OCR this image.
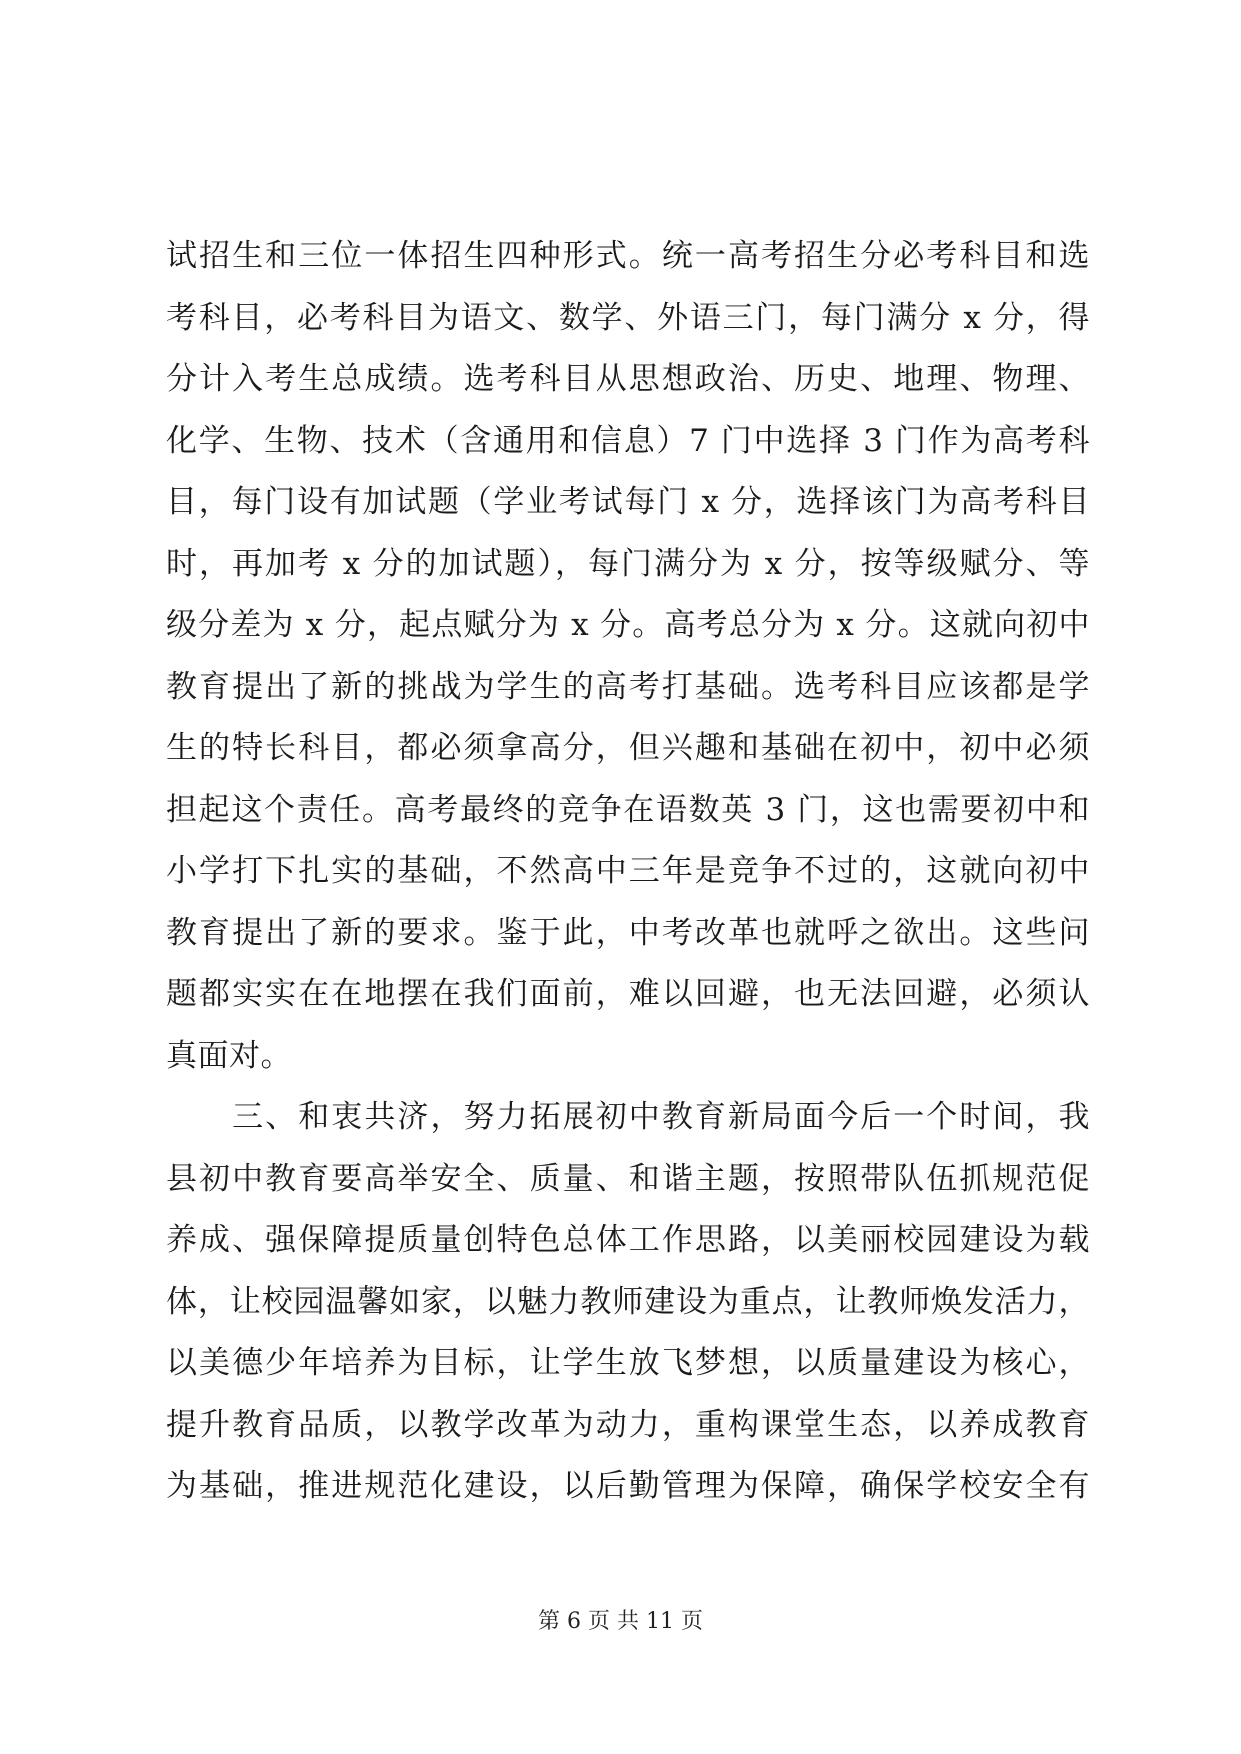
试招生和三位一体招生四种形式。统一高考招生分必考科目和选
考科目，必考科目为语文、数学、外语三门，每门满分 x 分，得
分计入考生总成绩。选考科目从思想政治、历史、地理、物理、
化学、生物、技术（含通用和信息）7 门中选择 3 门作为高考科
目，每门设有加试题（学业考试每门 x 分，选择该门为高考科目
时，再加考 x 分的加试题），每门满分为 x 分，按等级赋分、等
级分差为 x 分，起点赋分为 x 分。高考总分为 x 分。这就向初中
教育提出了新的挑战为学生的高考打基础。选考科目应该都是学
生的特长科目，都必须拿高分，但兴趣和基础在初中，初中必须
担起这个责任。高考最终的竞争在语数英 3 门，这也需要初中和
小学打下扎实的基础，不然高中三年是竞争不过的，这就向初中
教育提出了新的要求。鉴于此，中考改革也就呼之欲出。这些问
题都实实在在地摆在我们面前，难以回避，也无法回避，必须认
真面对。
　　三、和衷共济，努力拓展初中教育新局面今后一个时间，我
县初中教育要高举安全、质量、和谐主题，按照带队伍抓规范促
养成、强保障提质量创特色总体工作思路，以美丽校园建设为载
体，让校园温馨如家，以魅力教师建设为重点，让教师焕发活力，
以美德少年培养为目标，让学生放飞梦想，以质量建设为核心，
提升教育品质，以教学改革为动力，重构课堂生态，以养成教育
为基础，推进规范化建设，以后勤管理为保障，确保学校安全有
第 6 页 共 11 页
